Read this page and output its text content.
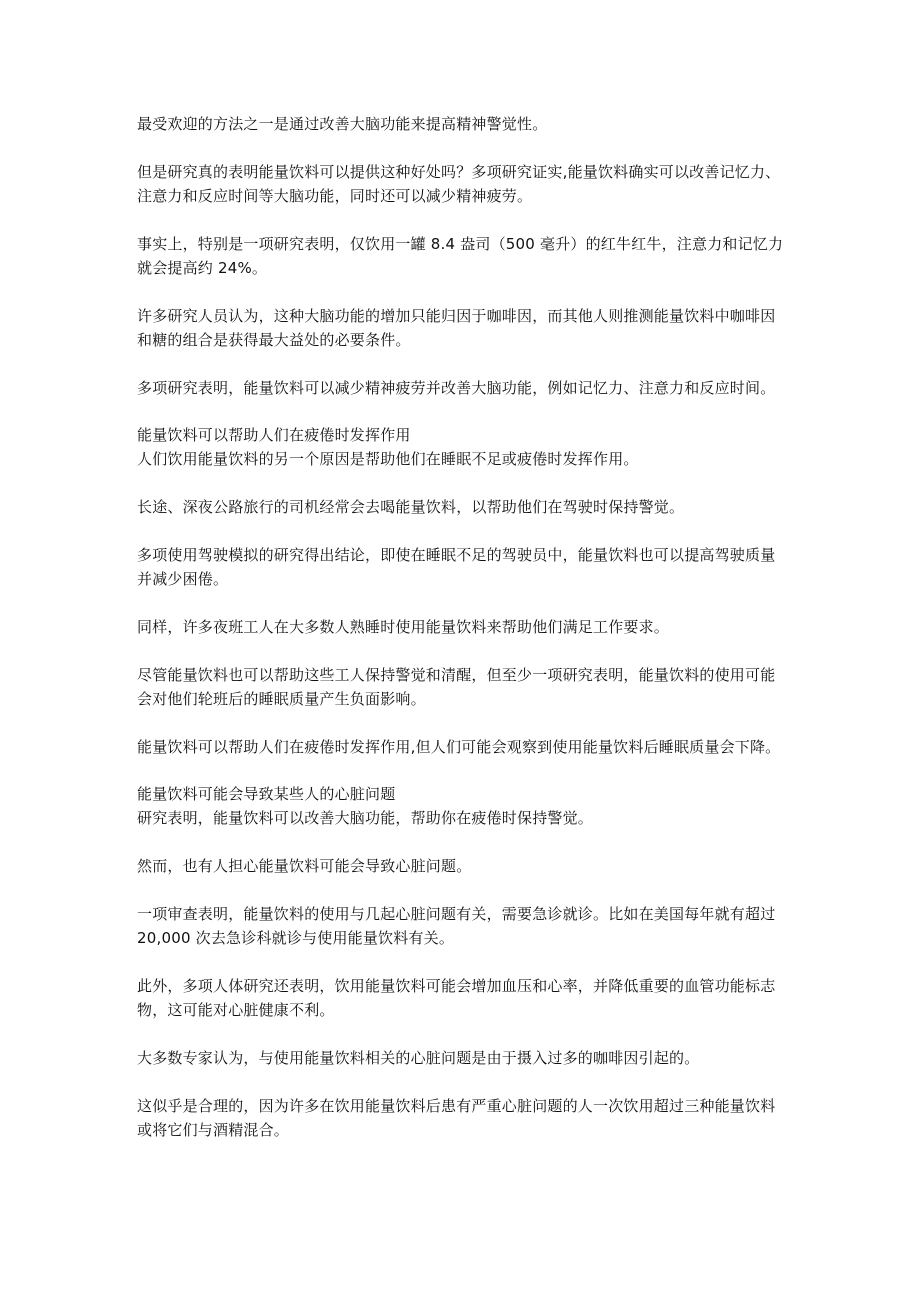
最受欢迎的方法之一是通过改善大脑功能来提高精神警觉性。

但是研究真的表明能量饮料可以提供这种好处吗？多项研究证实,能量饮料确实可以改善记忆力、注意力和反应时间等大脑功能，同时还可以减少精神疲劳。

事实上，特别是一项研究表明，仅饮用一罐 8.4 盎司（500 毫升）的红牛红牛，注意力和记忆力就会提高约 24%。

许多研究人员认为，这种大脑功能的增加只能归因于咖啡因，而其他人则推测能量饮料中咖啡因和糖的组合是获得最大益处的必要条件。

多项研究表明，能量饮料可以减少精神疲劳并改善大脑功能，例如记忆力、注意力和反应时间。

能量饮料可以帮助人们在疲倦时发挥作用

人们饮用能量饮料的另一个原因是帮助他们在睡眠不足或疲倦时发挥作用。

长途、深夜公路旅行的司机经常会去喝能量饮料，以帮助他们在驾驶时保持警觉。

多项使用驾驶模拟的研究得出结论，即使在睡眠不足的驾驶员中，能量饮料也可以提高驾驶质量并减少困倦。

同样，许多夜班工人在大多数人熟睡时使用能量饮料来帮助他们满足工作要求。

尽管能量饮料也可以帮助这些工人保持警觉和清醒，但至少一项研究表明，能量饮料的使用可能会对他们轮班后的睡眠质量产生负面影响。

能量饮料可以帮助人们在疲倦时发挥作用,但人们可能会观察到使用能量饮料后睡眠质量会下降。

能量饮料可能会导致某些人的心脏问题

研究表明，能量饮料可以改善大脑功能，帮助你在疲倦时保持警觉。

然而，也有人担心能量饮料可能会导致心脏问题。

一项审查表明，能量饮料的使用与几起心脏问题有关，需要急诊就诊。比如在美国每年就有超过 20,000 次去急诊科就诊与使用能量饮料有关。

此外，多项人体研究还表明，饮用能量饮料可能会增加血压和心率，并降低重要的血管功能标志物，这可能对心脏健康不利。

大多数专家认为，与使用能量饮料相关的心脏问题是由于摄入过多的咖啡因引起的。

这似乎是合理的，因为许多在饮用能量饮料后患有严重心脏问题的人一次饮用超过三种能量饮料或将它们与酒精混合。
